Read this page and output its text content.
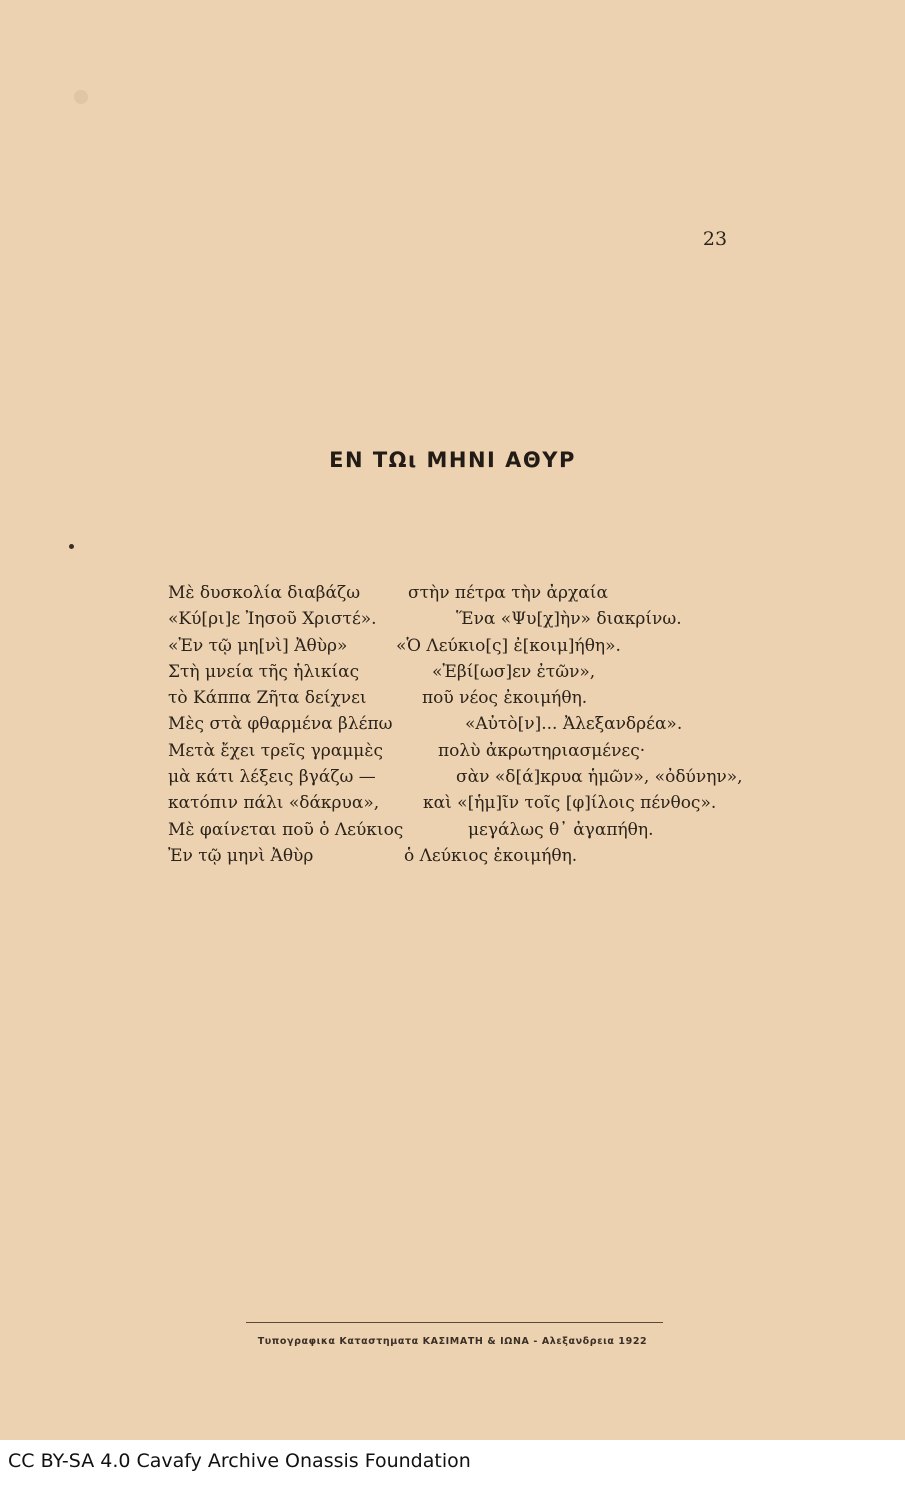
23
ΕΝ ΤΩι ΜΗΝΙ ΑΘΥΡ
Μὲ δυσκολία διαβάζω	στὴν πέτρα τὴν ἀρχαία
«Κύ[ρι]ε Ἰησοῦ Χριστέ».	Ἕνα «Ψυ[χ]ὴν» διακρίνω.
«Ἐν τῷ μη[νὶ] Ἀθὺρ»	«Ὁ Λεύκιο[ς] ἐ[κοιμ]ήθη».
Στὴ μνεία τῆς ἡλικίας	«Ἐβί[ωσ]εν ἐτῶν»,
τὸ Κάππα Ζῆτα δείχνει	ποῦ νέος ἐκοιμήθη.
Μὲς στὰ φθαρμένα βλέπω	«Αὐτὸ[ν]... Ἀλεξανδρέα».
Μετὰ ἔχει τρεῖς γραμμὲς	πολὺ ἀκρωτηριασμένες·
μὰ κάτι λέξεις βγάζω —	σὰν «δ[ά]κρυα ἡμῶν», «ὀδύνην»,
κατόπιν πάλι «δάκρυα»,	καὶ «[ἡμ]ῖν τοῖς [φ]ίλοις πένθος».
Μὲ φαίνεται ποῦ ὁ Λεύκιος	μεγάλως θ᾽ ἀγαπήθη.
Ἐν τῷ μηνὶ Ἀθὺρ	ὁ Λεύκιος ἐκοιμήθη.
Τυπογραφικα Καταστηματα ΚΑΣΙΜΑΤΗ & ΙΩΝΑ - Αλεξανδρεια 1922
CC BY-SA 4.0 Cavafy Archive Onassis Foundation
